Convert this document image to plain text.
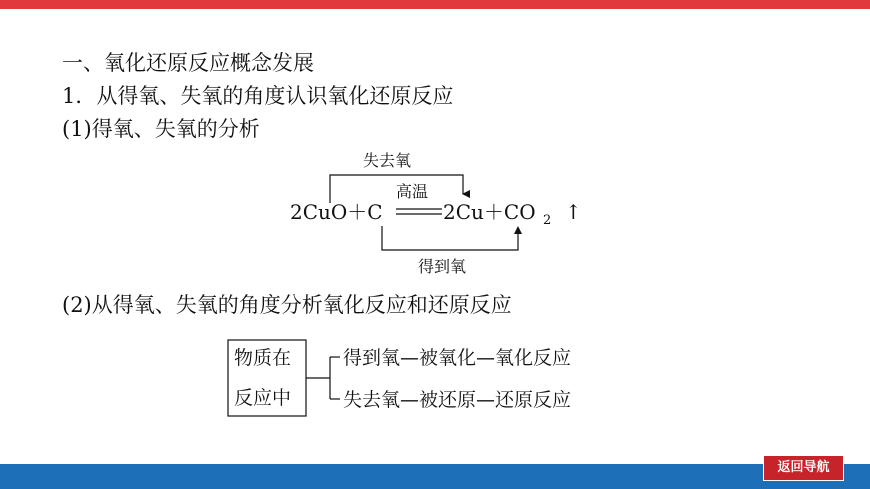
一、氧化还原反应概念发展
1．从得氧、失氧的角度认识氧化还原反应
(1)得氧、失氧的分析
失去氧
高温
2CuO＋C	2Cu＋CO 2 ↑
得到氧
(2)从得氧、失氧的角度分析氧化反应和还原反应
物质在
反应中
得到氧—被氧化—氧化反应
失去氧—被还原—还原反应
返回导航
